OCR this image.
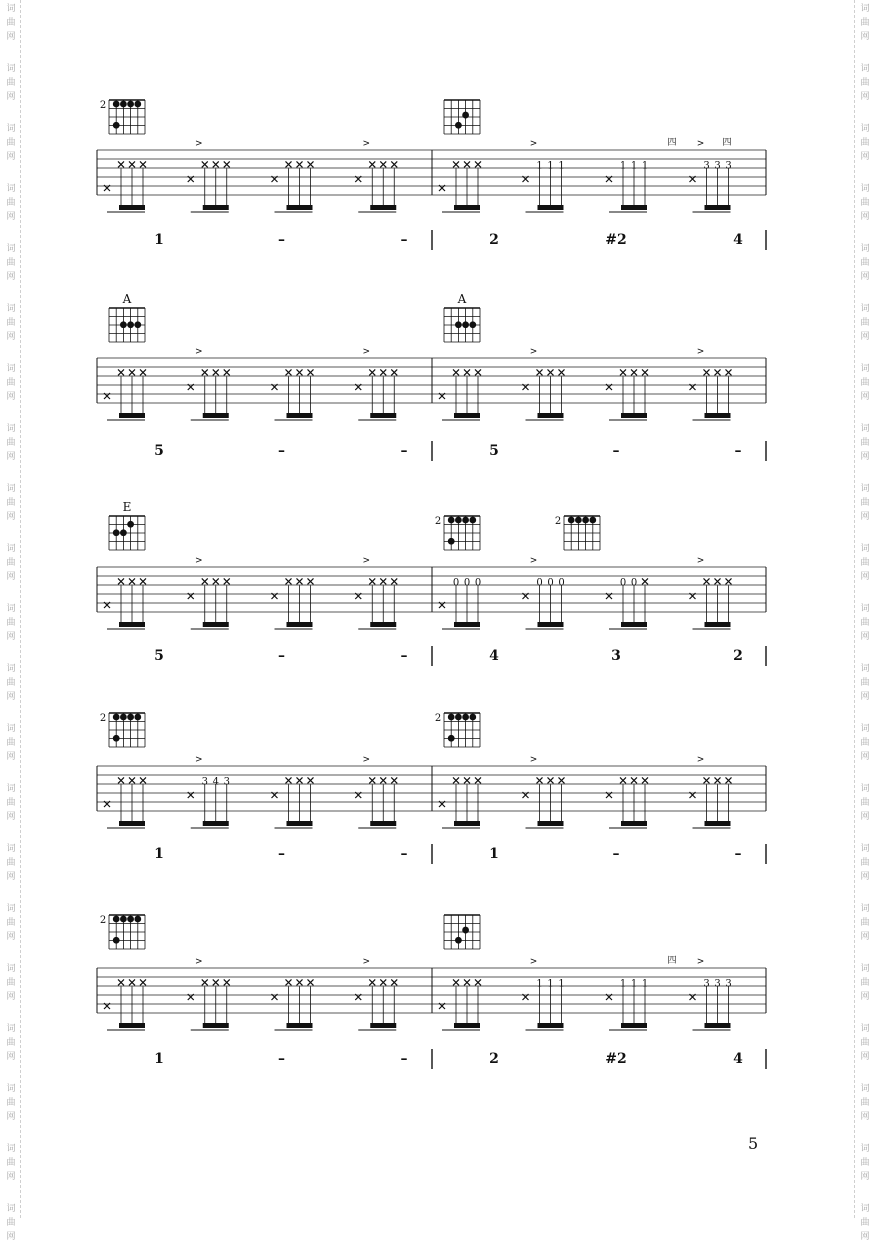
词
曲
网
词
曲
网
词
曲
网
词
曲
网
词
曲
网
词
曲
网
词
曲
网
词
曲
网
词
曲
网
词
曲
网
词
曲
网
词
曲
网
词
曲
网
词
曲
网
词
曲
网
词
曲
网
词
曲
网
词
曲
网
词
曲
网
词
曲
网
词
曲
网
词
曲
网
词
曲
网
词
曲
网
词
曲
网
词
曲
网
词
曲
网
词
曲
网
词
曲
网
词
曲
网
词
曲
网
词
曲
网
词
曲
网
词
曲
网
词
曲
网
词
曲
网
词
曲
网
词
曲
网
词
曲
网
词
曲
网
词
曲
网
词
曲
网
2
>	>
1	–	–
1 1 1
>
1 1 1	3 3 3
>
四	四
2	#2	4
A
>	>
5	–	–
A
>	>
5	–	–
E
>	>
5	–	–
2	2
0 0 0	0 0 0
>
0 0
>
4	3	2
2
3 4 3
>	>
1	–	–
2
>	>
1	–	–
2
>	>
1	–	–
1 1 1
>
1 1 1	3 3 3
>
四
2	#2	4
5
